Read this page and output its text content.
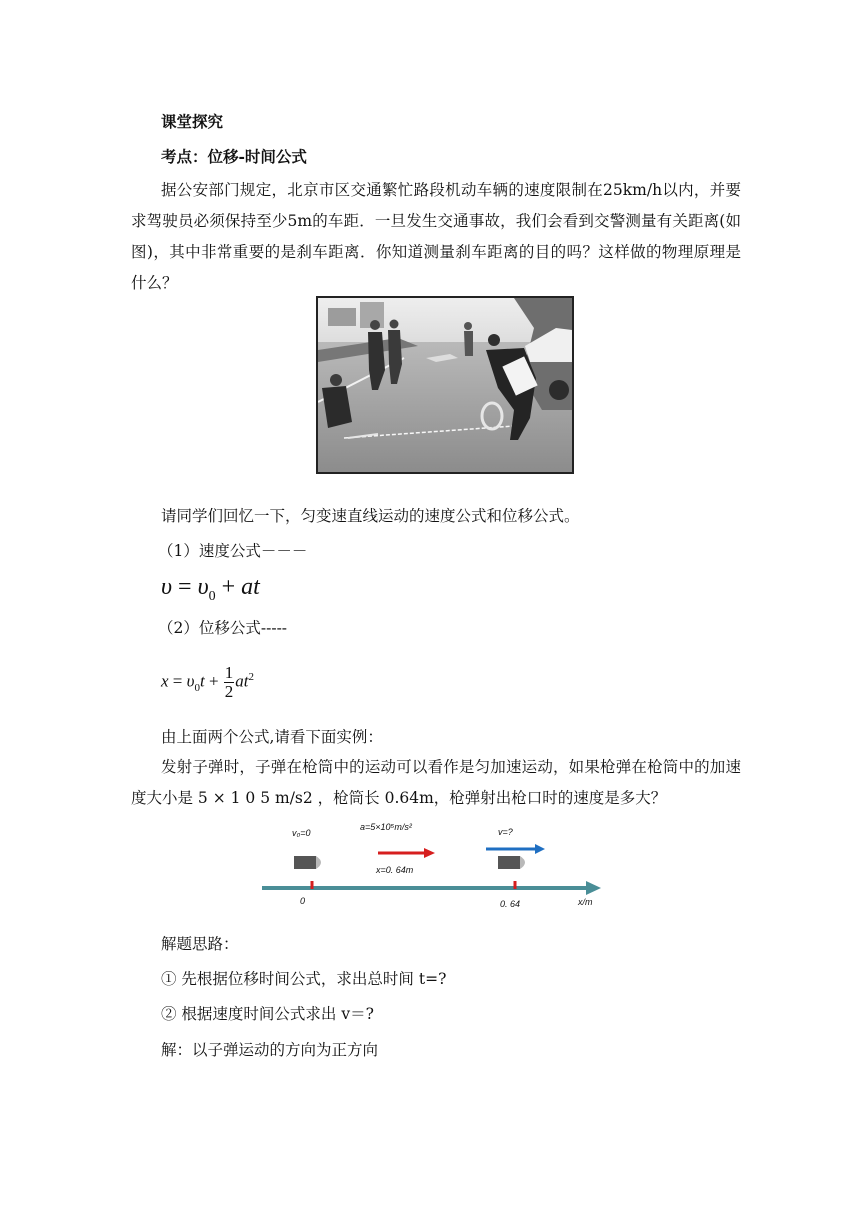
课堂探究
考点：位移-时间公式
据公安部门规定，北京市区交通繁忙路段机动车辆的速度限制在25km/h以内，并要求驾驶员必须保持至少5m的车距．一旦发生交通事故，我们会看到交警测量有关距离(如图)，其中非常重要的是刹车距离．你知道测量刹车距离的目的吗？这样做的物理原理是什么？
请同学们回忆一下，匀变速直线运动的速度公式和位移公式。
（1）速度公式－－－
$\upsilon = \upsilon_0$ + at
（2）位移公式-----
$x = \upsilon_0t + \frac{1}{2} at^2$
由上面两个公式,请看下面实例：
发射子弹时，子弹在枪筒中的运动可以看作是匀加速运动，如果枪弹在枪筒中的加速度大小是 5 × 1 0 5 m/s2 ，枪筒长 0.64m，枪弹射出枪口时的速度是多大？
v₀=0
a=5×10⁵m/s²	v=?
x=0. 64m
0	0. 64	x/m
解题思路：
① 先根据位移时间公式，求出总时间 t=?
② 根据速度时间公式求出 v＝?
解：以子弹运动的方向为正方向
